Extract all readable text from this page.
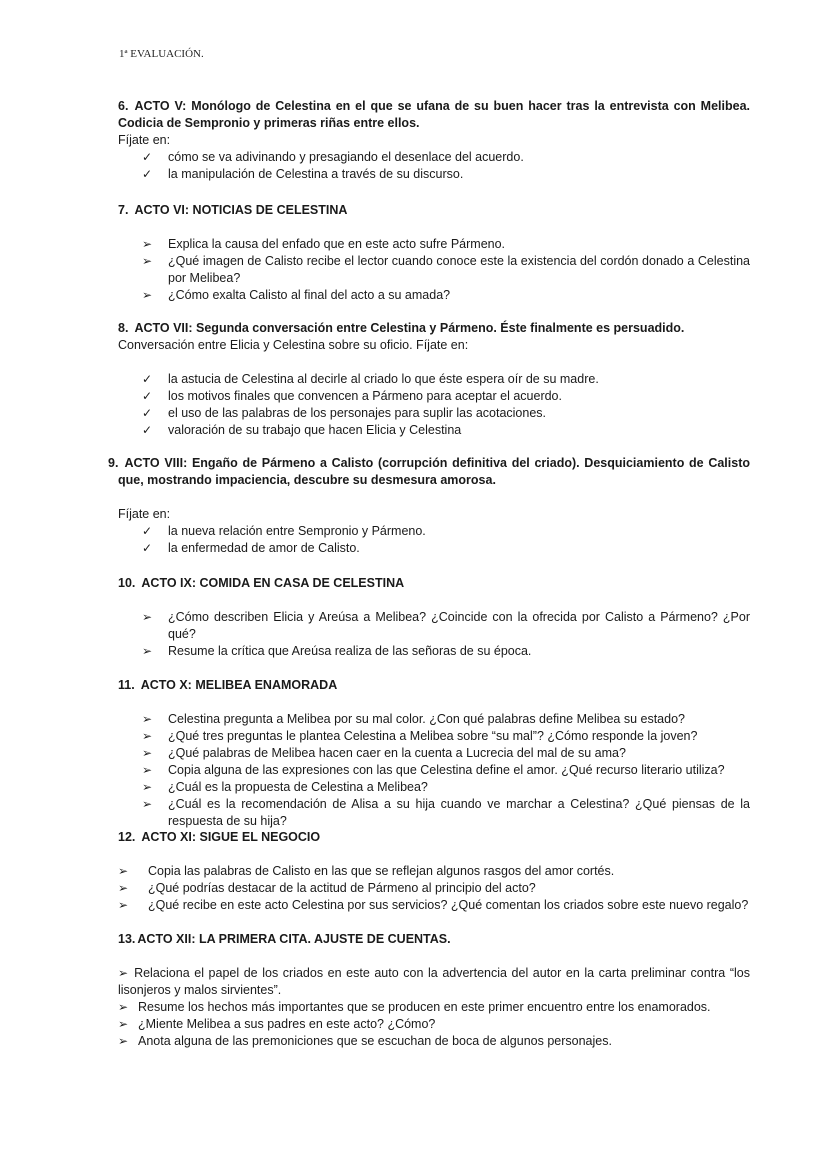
1ª EVALUACIÓN.
6. ACTO V: Monólogo de Celestina en el que se ufana de su buen hacer tras la entrevista con Melibea. Codicia de Sempronio y primeras riñas entre ellos.
Fíjate en:
✓ cómo se va adivinando y presagiando el desenlace del acuerdo.
✓ la manipulación de Celestina a través de su discurso.
7. ACTO VI: NOTICIAS DE CELESTINA
➢ Explica la causa del enfado que en este acto sufre Pármeno.
➢ ¿Qué imagen de Calisto recibe el lector cuando conoce este la existencia del cordón donado a Celestina por Melibea?
➢ ¿Cómo exalta Calisto al final del acto a su amada?
8. ACTO VII: Segunda conversación entre Celestina y Pármeno. Éste finalmente es persuadido.
Conversación entre Elicia y Celestina sobre su oficio. Fíjate en:
✓ la astucia de Celestina al decirle al criado lo que éste espera oír de su madre.
✓ los motivos finales que convencen a Pármeno para aceptar el acuerdo.
✓ el uso de las palabras de los personajes para suplir las acotaciones.
✓ valoración de su trabajo que hacen Elicia y Celestina
9. ACTO VIII: Engaño de Pármeno a Calisto (corrupción definitiva del criado). Desquiciamiento de Calisto que, mostrando impaciencia, descubre su desmesura amorosa.
Fíjate en:
✓ la nueva relación entre Sempronio y Pármeno.
✓ la enfermedad de amor de Calisto.
10. ACTO IX: COMIDA EN CASA DE CELESTINA
➢ ¿Cómo describen Elicia y Areúsa a Melibea? ¿Coincide con la ofrecida por Calisto a Pármeno? ¿Por qué?
➢ Resume la crítica que Areúsa realiza de las señoras de su época.
11. ACTO X: MELIBEA ENAMORADA
➢ Celestina pregunta a Melibea por su mal color. ¿Con qué palabras define Melibea su estado?
➢ ¿Qué tres preguntas le plantea Celestina a Melibea sobre “su mal”? ¿Cómo responde la joven?
➢ ¿Qué palabras de Melibea hacen caer en la cuenta a Lucrecia del mal de su ama?
➢ Copia alguna de las expresiones con las que Celestina define el amor. ¿Qué recurso literario utiliza?
➢ ¿Cuál es la propuesta de Celestina a Melibea?
➢ ¿Cuál es la recomendación de Alisa a su hija cuando ve marchar a Celestina? ¿Qué piensas de la respuesta de su hija?
12. ACTO XI: SIGUE EL NEGOCIO
➢ Copia las palabras de Calisto en las que se reflejan algunos rasgos del amor cortés.
➢ ¿Qué podrías destacar de la actitud de Pármeno al principio del acto?
➢ ¿Qué recibe en este acto Celestina por sus servicios? ¿Qué comentan los criados sobre este nuevo regalo?
13. ACTO XII: LA PRIMERA CITA. AJUSTE DE CUENTAS.
➢ Relaciona el papel de los criados en este auto con la advertencia del autor en la carta preliminar contra “los lisonjeros y malos sirvientes”.
➢ Resume los hechos más importantes que se producen en este primer encuentro entre los enamorados.
➢ ¿Miente Melibea a sus padres en este acto? ¿Cómo?
➢ Anota alguna de las premoniciones que se escuchan de boca de algunos personajes.
